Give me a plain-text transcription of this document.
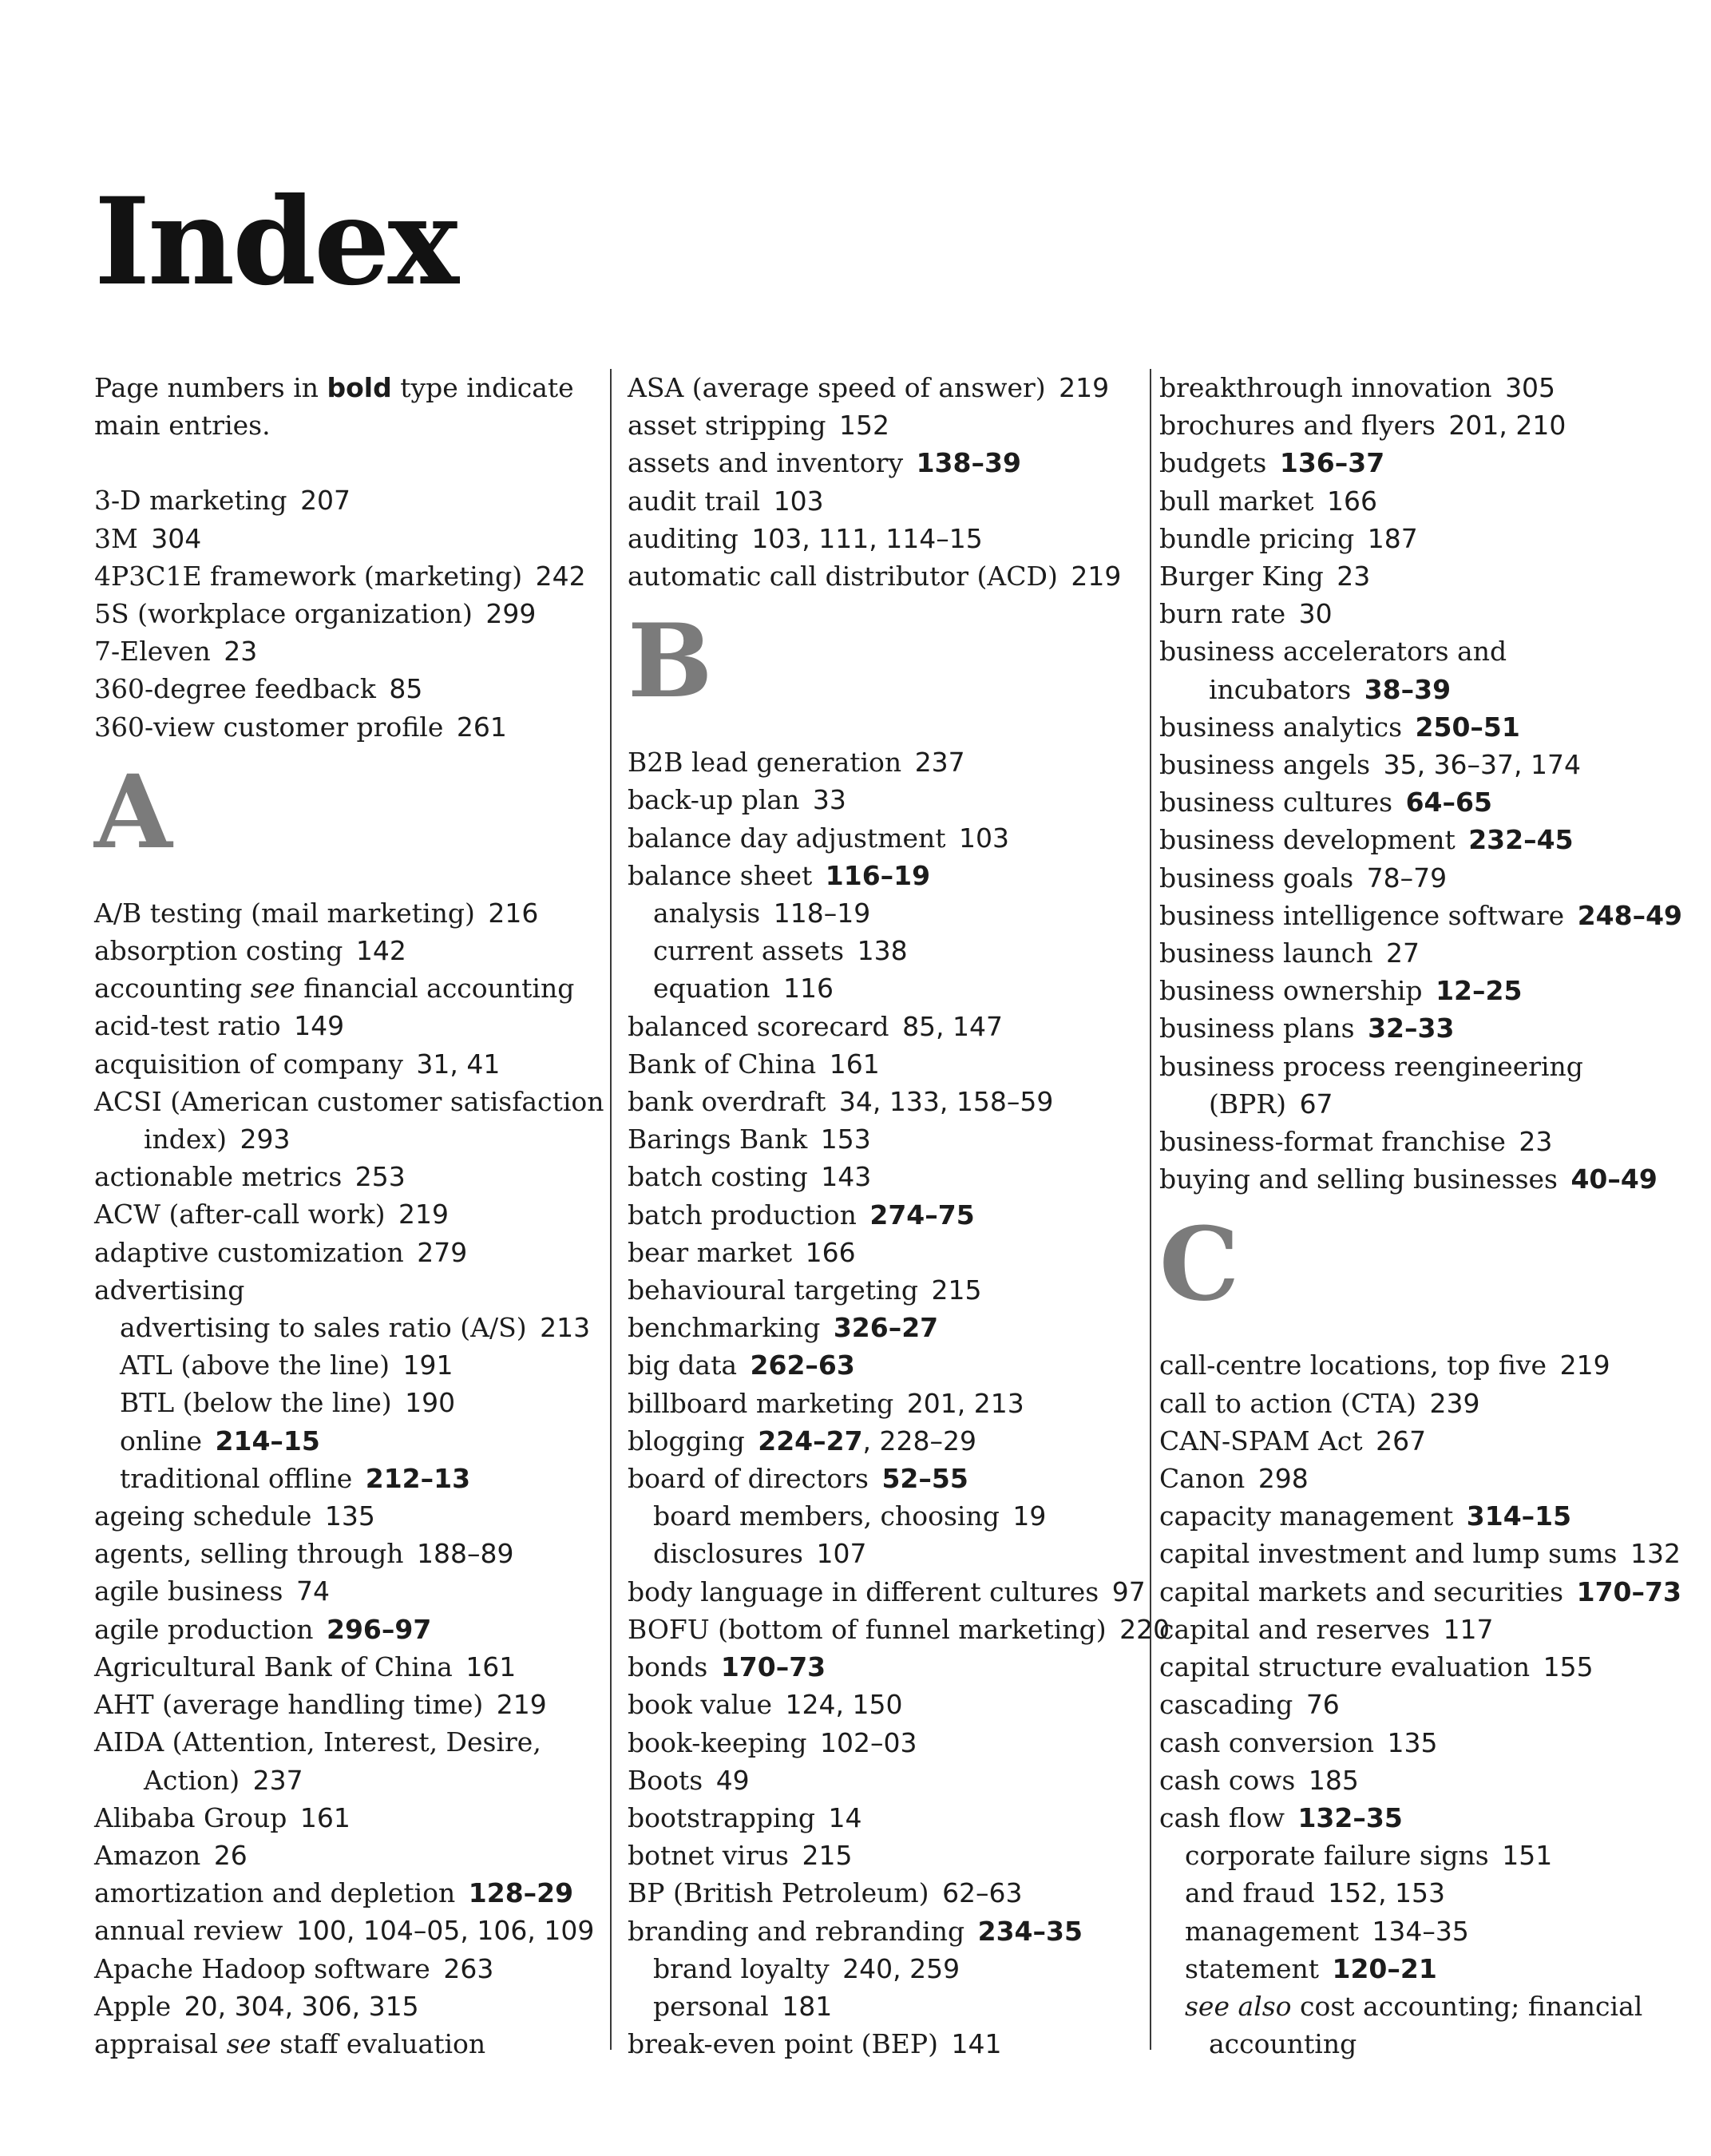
Index
Page numbers in bold type indicate
main entries.
3-D marketing  207
3M  304
4P3C1E framework (marketing)  242
5S (workplace organization)  299
7-Eleven  23
360-degree feedback  85
360-view customer profile  261
A
A/B testing (mail marketing)  216
absorption costing  142
accounting see financial accounting
acid-test ratio  149
acquisition of company  31, 41
ACSI (American customer satisfaction
index)  293
actionable metrics  253
ACW (after-call work)  219
adaptive customization  279
advertising
advertising to sales ratio (A/S)  213
ATL (above the line)  191
BTL (below the line)  190
online  214–15
traditional offline  212–13
ageing schedule  135
agents, selling through  188–89
agile business  74
agile production  296–97
Agricultural Bank of China  161
AHT (average handling time)  219
AIDA (Attention, Interest, Desire,
Action)  237
Alibaba Group  161
Amazon  26
amortization and depletion  128–29
annual review  100, 104–05, 106, 109
Apache Hadoop software  263
Apple  20, 304, 306, 315
appraisal see staff evaluation
ASA (average speed of answer)  219
asset stripping  152
assets and inventory  138–39
audit trail  103
auditing  103, 111, 114–15
automatic call distributor (ACD)  219
B
B2B lead generation  237
back-up plan  33
balance day adjustment  103
balance sheet  116–19
analysis  118–19
current assets  138
equation  116
balanced scorecard  85, 147
Bank of China  161
bank overdraft  34, 133, 158–59
Barings Bank  153
batch costing  143
batch production  274–75
bear market  166
behavioural targeting  215
benchmarking  326–27
big data  262–63
billboard marketing  201, 213
blogging  224–27, 228–29
board of directors  52–55
board members, choosing  19
disclosures  107
body language in different cultures  97
BOFU (bottom of funnel marketing)  220
bonds  170–73
book value  124, 150
book-keeping  102–03
Boots  49
bootstrapping  14
botnet virus  215
BP (British Petroleum)  62–63
branding and rebranding  234–35
brand loyalty  240, 259
personal  181
break-even point (BEP)  141
breakthrough innovation  305
brochures and flyers  201, 210
budgets  136–37
bull market  166
bundle pricing  187
Burger King  23
burn rate  30
business accelerators and
incubators  38–39
business analytics  250–51
business angels  35, 36–37, 174
business cultures  64–65
business development  232–45
business goals  78–79
business intelligence software  248–49
business launch  27
business ownership  12–25
business plans  32–33
business process reengineering
(BPR)  67
business-format franchise  23
buying and selling businesses  40–49
C
call-centre locations, top five  219
call to action (CTA)  239
CAN-SPAM Act  267
Canon  298
capacity management  314–15
capital investment and lump sums  132
capital markets and securities  170–73
capital and reserves  117
capital structure evaluation  155
cascading  76
cash conversion  135
cash cows  185
cash flow  132–35
corporate failure signs  151
and fraud  152, 153
management  134–35
statement  120–21
see also cost accounting; financial
accounting
